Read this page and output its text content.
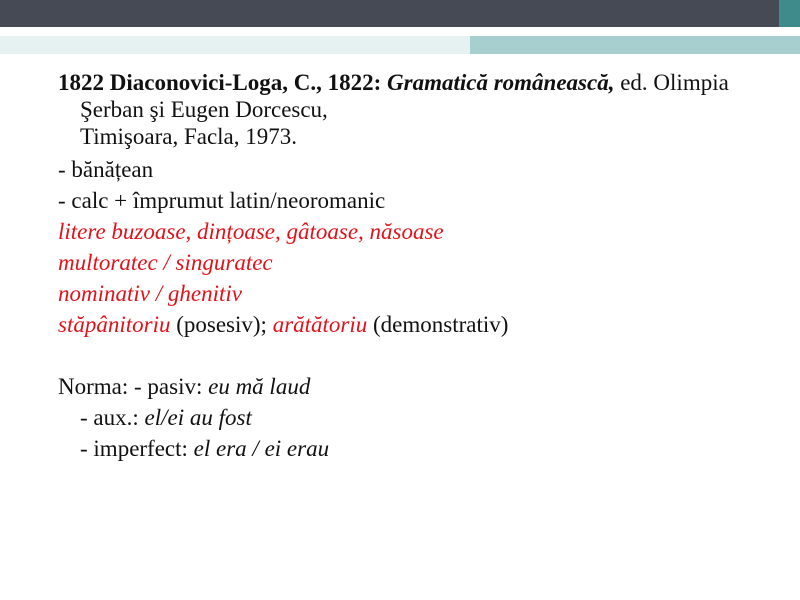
1822 Diaconovici-Loga, C., 1822: Gramatică românească, ed. Olimpia Şerban şi Eugen Dorcescu,
Timişoara, Facla, 1973.
- bănățean
- calc + împrumut latin/neoromanic
litere buzoase, dințoase, gâtoase, năsoase
multoratec / singuratec
nominativ / ghenitiv
stăpânitoriu (posesiv); arătătoriu (demonstrativ)
Norma: - pasiv: eu mă laud
- aux.: el/ei au fost
- imperfect: el era / ei erau
